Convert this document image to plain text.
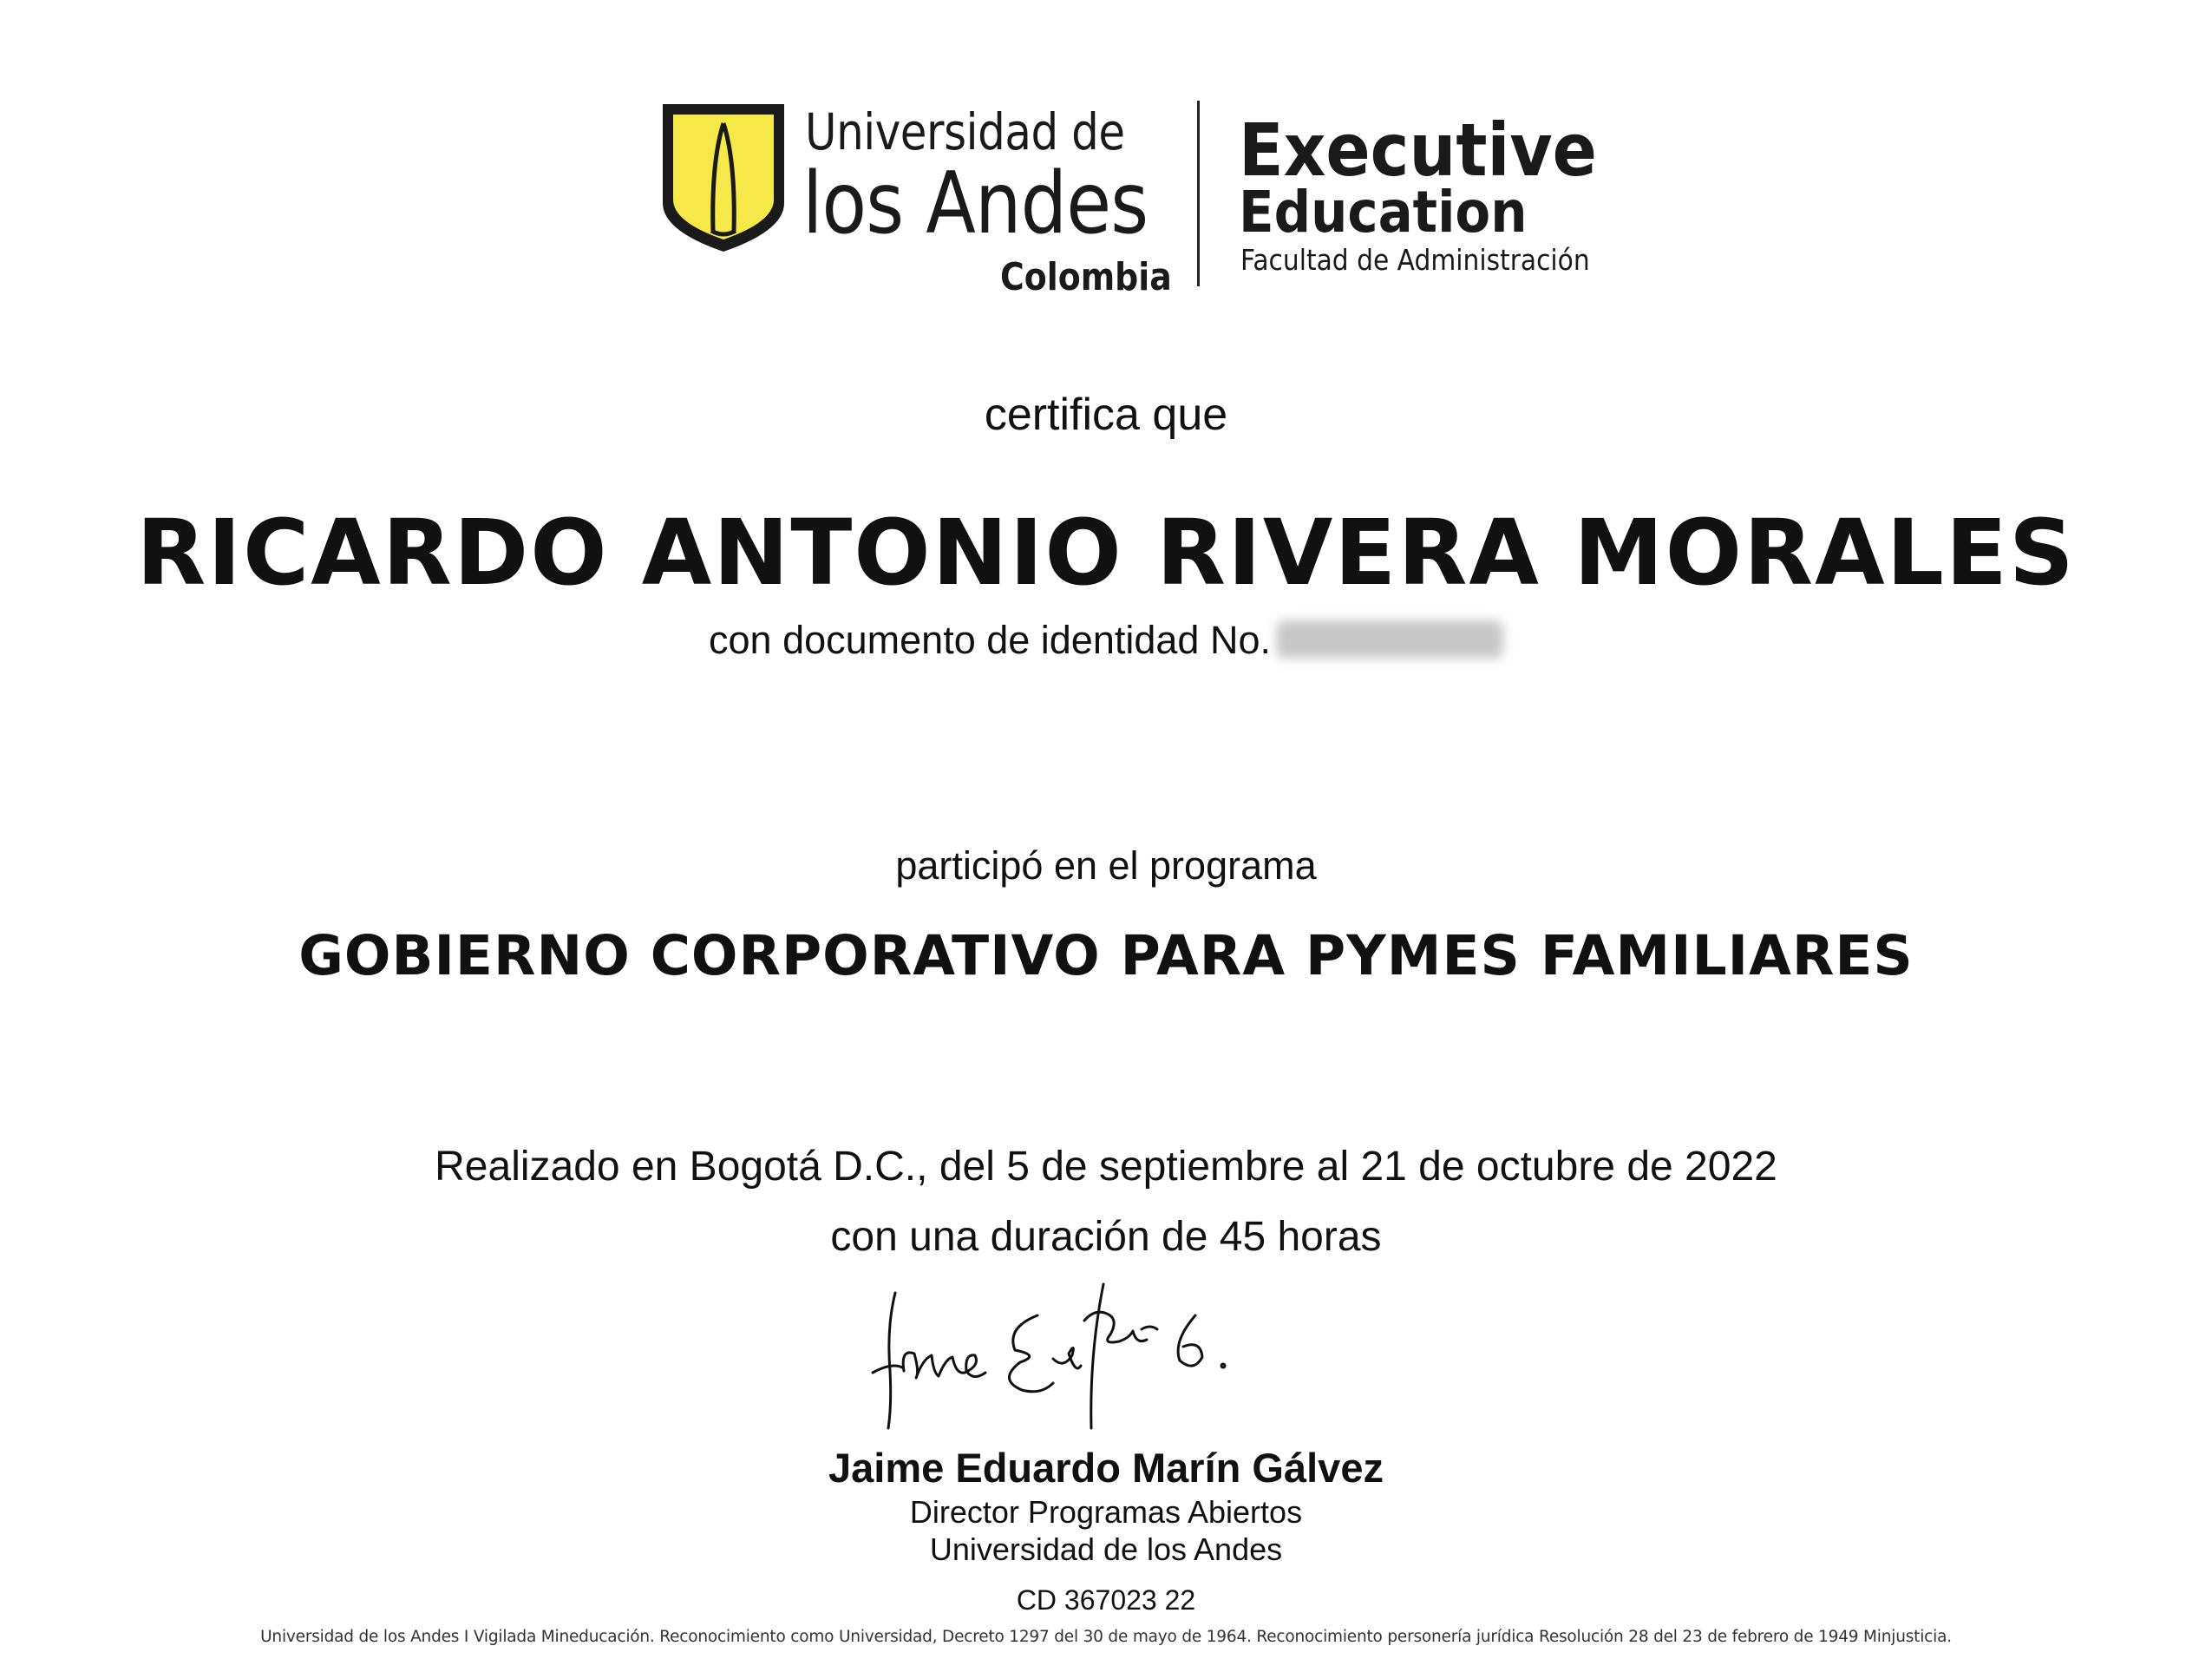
Universidad de
los Andes
Colombia
Executive
Education
Facultad de Administración
certifica que
RICARDO ANTONIO RIVERA MORALES
con documento de identidad No.
participó en el programa
GOBIERNO CORPORATIVO PARA PYMES FAMILIARES
Realizado en Bogotá D.C., del 5 de septiembre al 21 de octubre de 2022
con una duración de 45 horas
Jaime Eduardo Marín Gálvez
Director Programas Abiertos
Universidad de los Andes
CD 367023 22
Universidad de los Andes I Vigilada Mineducación. Reconocimiento como Universidad, Decreto 1297 del 30 de mayo de 1964. Reconocimiento personería jurídica Resolución 28 del 23 de febrero de 1949 Minjusticia.
